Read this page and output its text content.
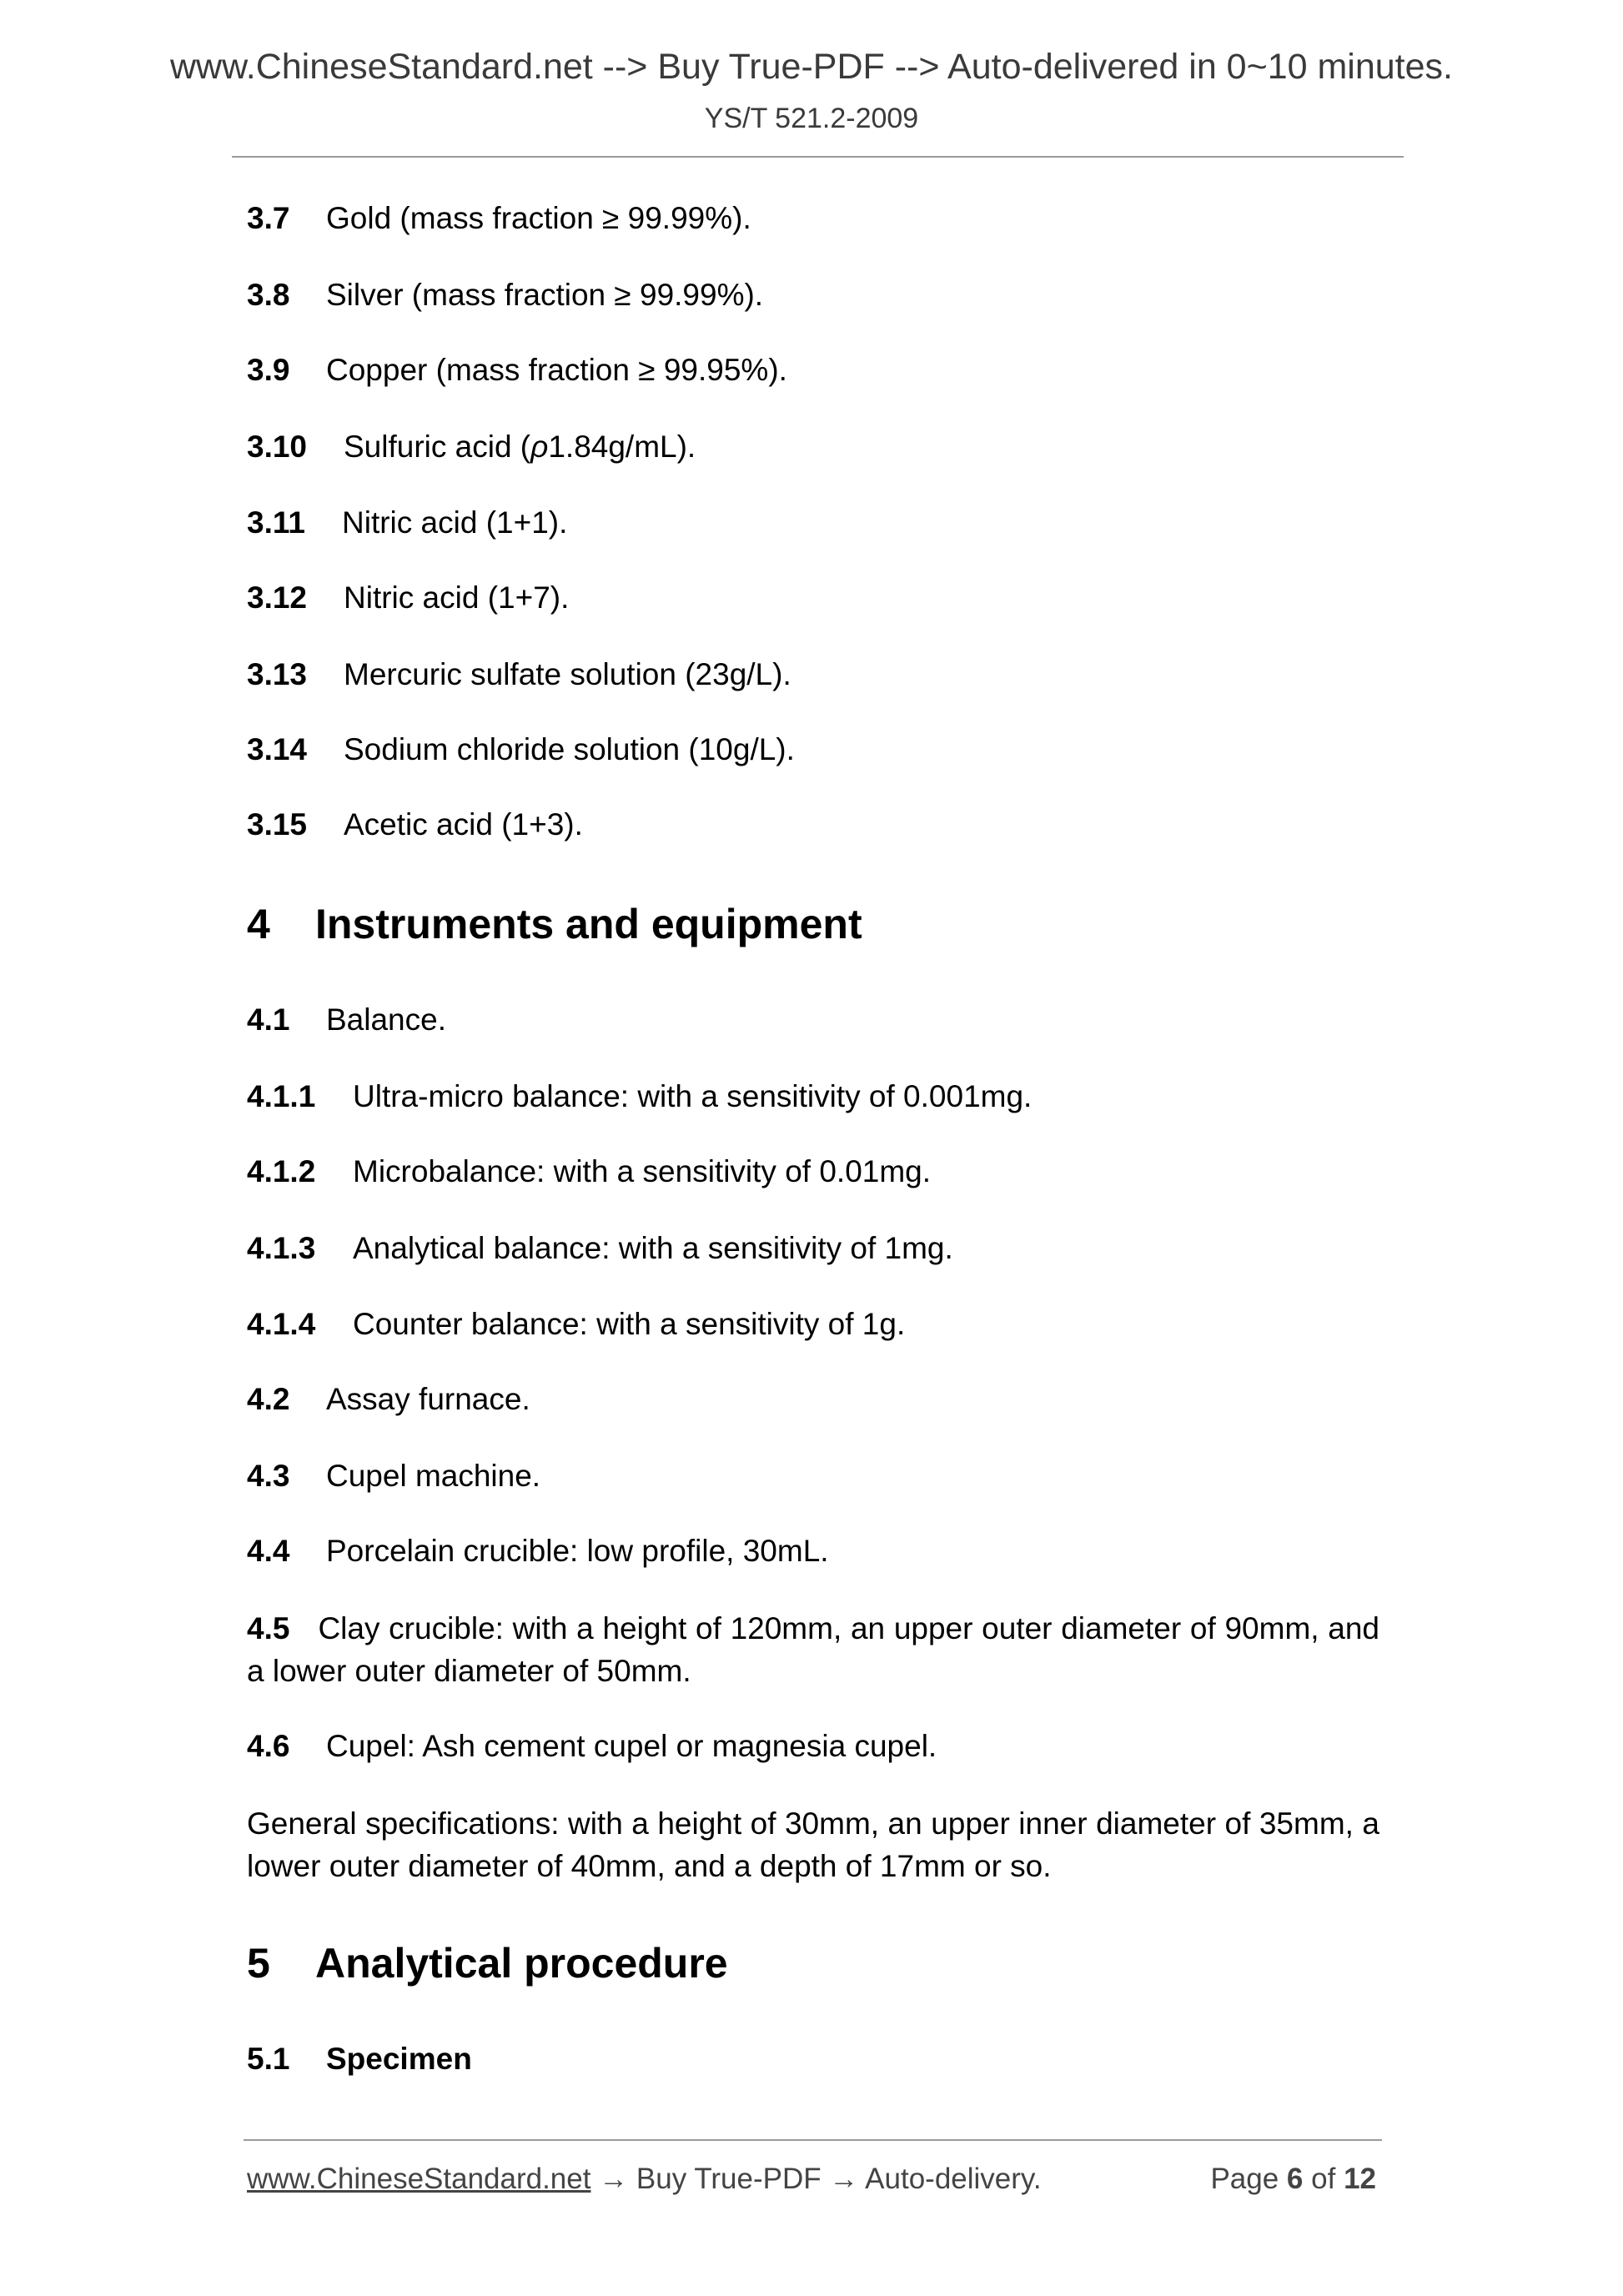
www.ChineseStandard.net --> Buy True-PDF --> Auto-delivered in 0~10 minutes.
YS/T 521.2-2009
3.7 Gold (mass fraction ≥ 99.99%).
3.8 Silver (mass fraction ≥ 99.99%).
3.9 Copper (mass fraction ≥ 99.95%).
3.10 Sulfuric acid (ρ1.84g/mL).
3.11 Nitric acid (1+1).
3.12 Nitric acid (1+7).
3.13 Mercuric sulfate solution (23g/L).
3.14 Sodium chloride solution (10g/L).
3.15 Acetic acid (1+3).
4 Instruments and equipment
4.1 Balance.
4.1.1 Ultra-micro balance: with a sensitivity of 0.001mg.
4.1.2 Microbalance: with a sensitivity of 0.01mg.
4.1.3 Analytical balance: with a sensitivity of 1mg.
4.1.4 Counter balance: with a sensitivity of 1g.
4.2 Assay furnace.
4.3 Cupel machine.
4.4 Porcelain crucible: low profile, 30mL.
4.5 Clay crucible: with a height of 120mm, an upper outer diameter of 90mm, and a lower outer diameter of 50mm.
4.6 Cupel: Ash cement cupel or magnesia cupel.
General specifications: with a height of 30mm, an upper inner diameter of 35mm, a lower outer diameter of 40mm, and a depth of 17mm or so.
5 Analytical procedure
5.1 Specimen
www.ChineseStandard.net → Buy True-PDF → Auto-delivery.	Page 6 of 12
